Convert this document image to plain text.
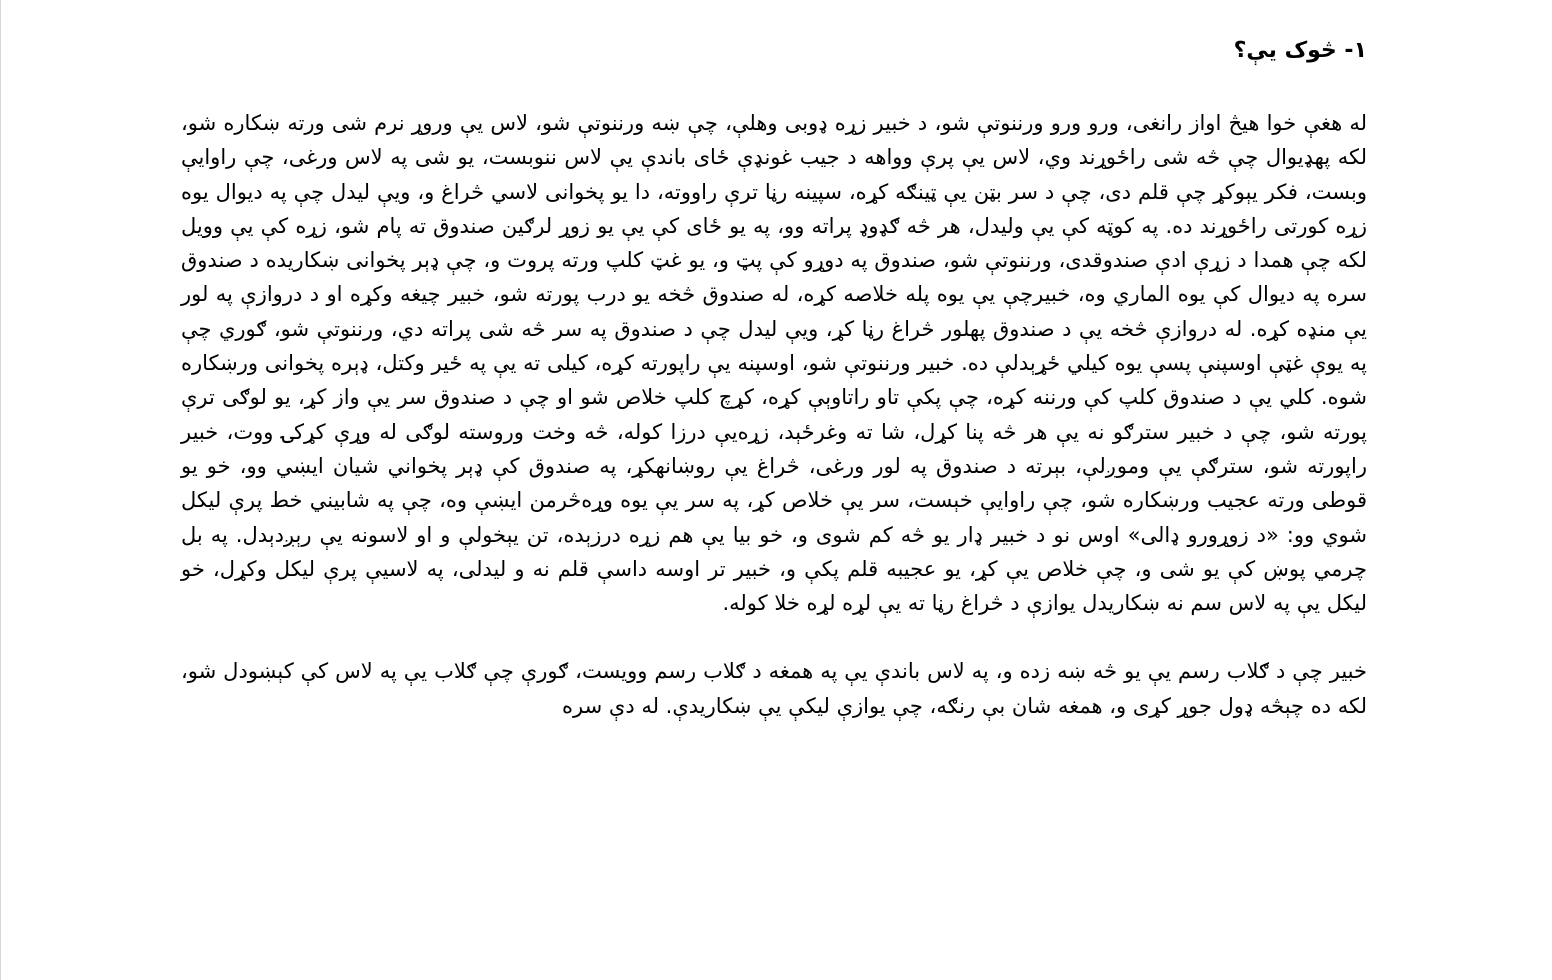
۱- څوک یې؟

له هغې خوا هیڅ اواز رانغی، ورو ورو ورننوتې شو، د خبیر زړه ډوبی وهلې، چې ښه ورننوتې شو، لاس یې وروړ نرم شی ورته ښکاره شو، لکه پهډیوال چې څه شی راځوړند وي، لاس یې پرې وواهه د جیب غونډې ځای باندې یې لاس ننوبست، یو شی په لاس ورغی، چې راوایې وبست، فکر یېوکړ چې قلم دی، چې د سر بټن یې ټینګه کړه، سپینه رڼا ترې راووته، دا یو پخوانی لاسي څراغ و، ویې لیدل چې په دیوال یوه زړه کورتی راځوړند ده. په کوټه کې یې ولیدل، هر څه ګډوډ پراته وو، په یو ځای کې یې یو زوړ لرګین صندوق ته پام شو، زړه کې یې وویل لکه چې همدا د زړې ادې صندوقدی، ورننوتې شو، صندوق په دوړو کې پټ و، یو غټ کلپ ورته پروت و، چې ډېر پخوانی ښکاریده د صندوق سره په دیوال کې یوه الماري وه، خبیرچې یې یوه پله خلاصه کړه، له صندوق څخه یو درب پورته شو، خبیر چیغه وکړه او د دروازې په لور یې منډه کړه. له دروازې څخه یې د صندوق پهلور څراغ رڼا کړ، ویې لیدل چې د صندوق په سر څه شی پراته دي، ورننوتې شو، ګوري چې په یوې غټې اوسپنې پسې یوه کیلي ځړېدلې ده. خبیر ورننوتې شو، اوسپنه یې راپورته کړه، کیلی ته یې په ځیر وکتل، ډېره پخوانی ورښکاره شوه. کلي یې د صندوق کلپ کې ورننه کړه، چې پکې تاو راتاوېې کړه، کړچ کلپ خلاص شو او چې د صندوق سر یې واز کړ، یو لوګی ترې پورته شو، چې د خبیر سترګو نه یې هر څه پنا کړل، شا ته وغرځېد، زړه‌یې درزا کوله، څه وخت وروسته لوګی له وړې کړکۍ ووت، خبیر راپورته شو، سترګې یې وموږلې، بېرته د صندوق په لور ورغی، څراغ یې روښانهکړ، په صندوق کې ډېر پخواني شیان ایښي وو، خو یو قوطی ورته عجیب ورښکاره شو، چې راوایې خېست، سر یې خلاص کړ، په سر یې یوه وړه‌څرمن ایښې وه، چې په شابیني خط پرې لیکل شوي وو: «د زوړورو ډالی» اوس نو د خبیر ډار یو څه کم شوی و، خو بیا یې هم زړه درزېده، تن یېخولې و او لاسونه یې رېږدېدل. په بل چرمي پوښ کې یو شی و، چې خلاص یې کړ، یو عجیبه قلم پکې و، خبیر تر اوسه داسې قلم نه و لیدلی، په لاسیې پرې لیکل وکړل، خو لیکل یې په لاس سم نه ښکاریدل یوازې د څراغ رڼا ته یې لړه لړه خلا کوله.

خبیر چې د ګلاب رسم یې یو څه ښه زده و، په لاس باندې یې په همغه د ګلاب رسم وویست، ګورې چې ګلاب یې په لاس کې کېښودل شو، لکه ده چېڅه ډول جوړ کړی و، همغه شان بې رنګه، چې یوازې لیکې یې ښکاریدې. له دې سره
